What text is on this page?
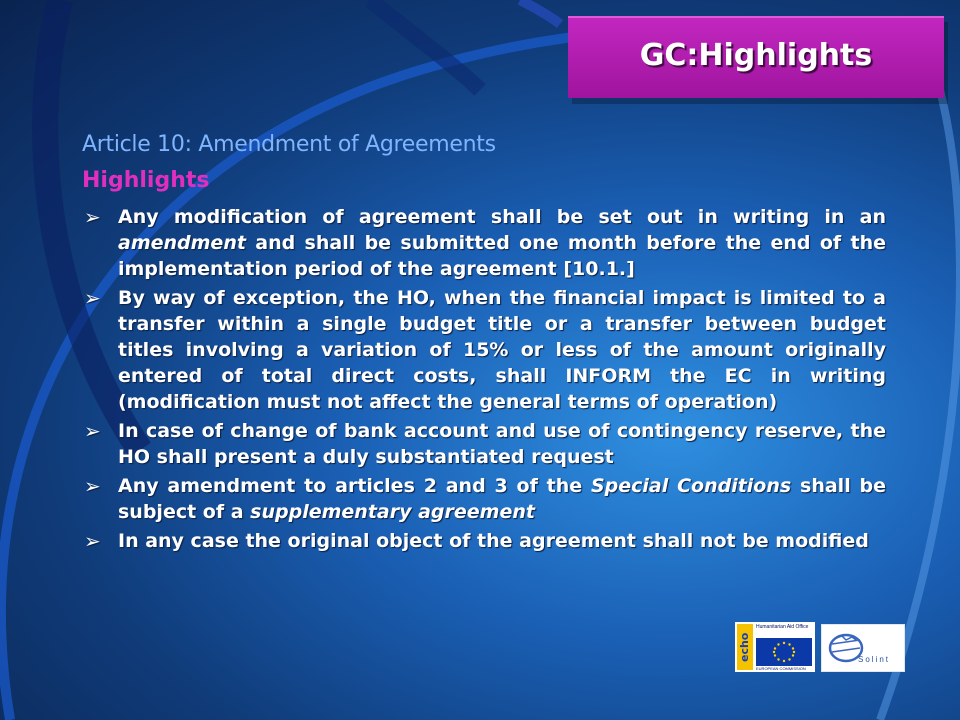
GC:Highlights
Article 10: Amendment of Agreements
Highlights
➢ Any modification of agreement shall be set out in writing in an amendment and shall be submitted one month before the end of the implementation period of the agreement [10.1.]
➢ By way of exception, the HO, when the financial impact is limited to a transfer within a single budget title or a transfer between budget titles involving a variation of 15% or less of the amount originally entered of total direct costs, shall INFORM the EC in writing (modification must not affect the general terms of operation)
➢ In case of change of bank account and use of contingency reserve, the HO shall present a duly substantiated request
➢ Any amendment to articles 2 and 3 of the Special Conditions shall be subject of a supplementary agreement
➢ In any case the original object of the agreement shall not be modified
echo
Humanitarian Aid Office
EUROPEAN COMMISSION
Solint
